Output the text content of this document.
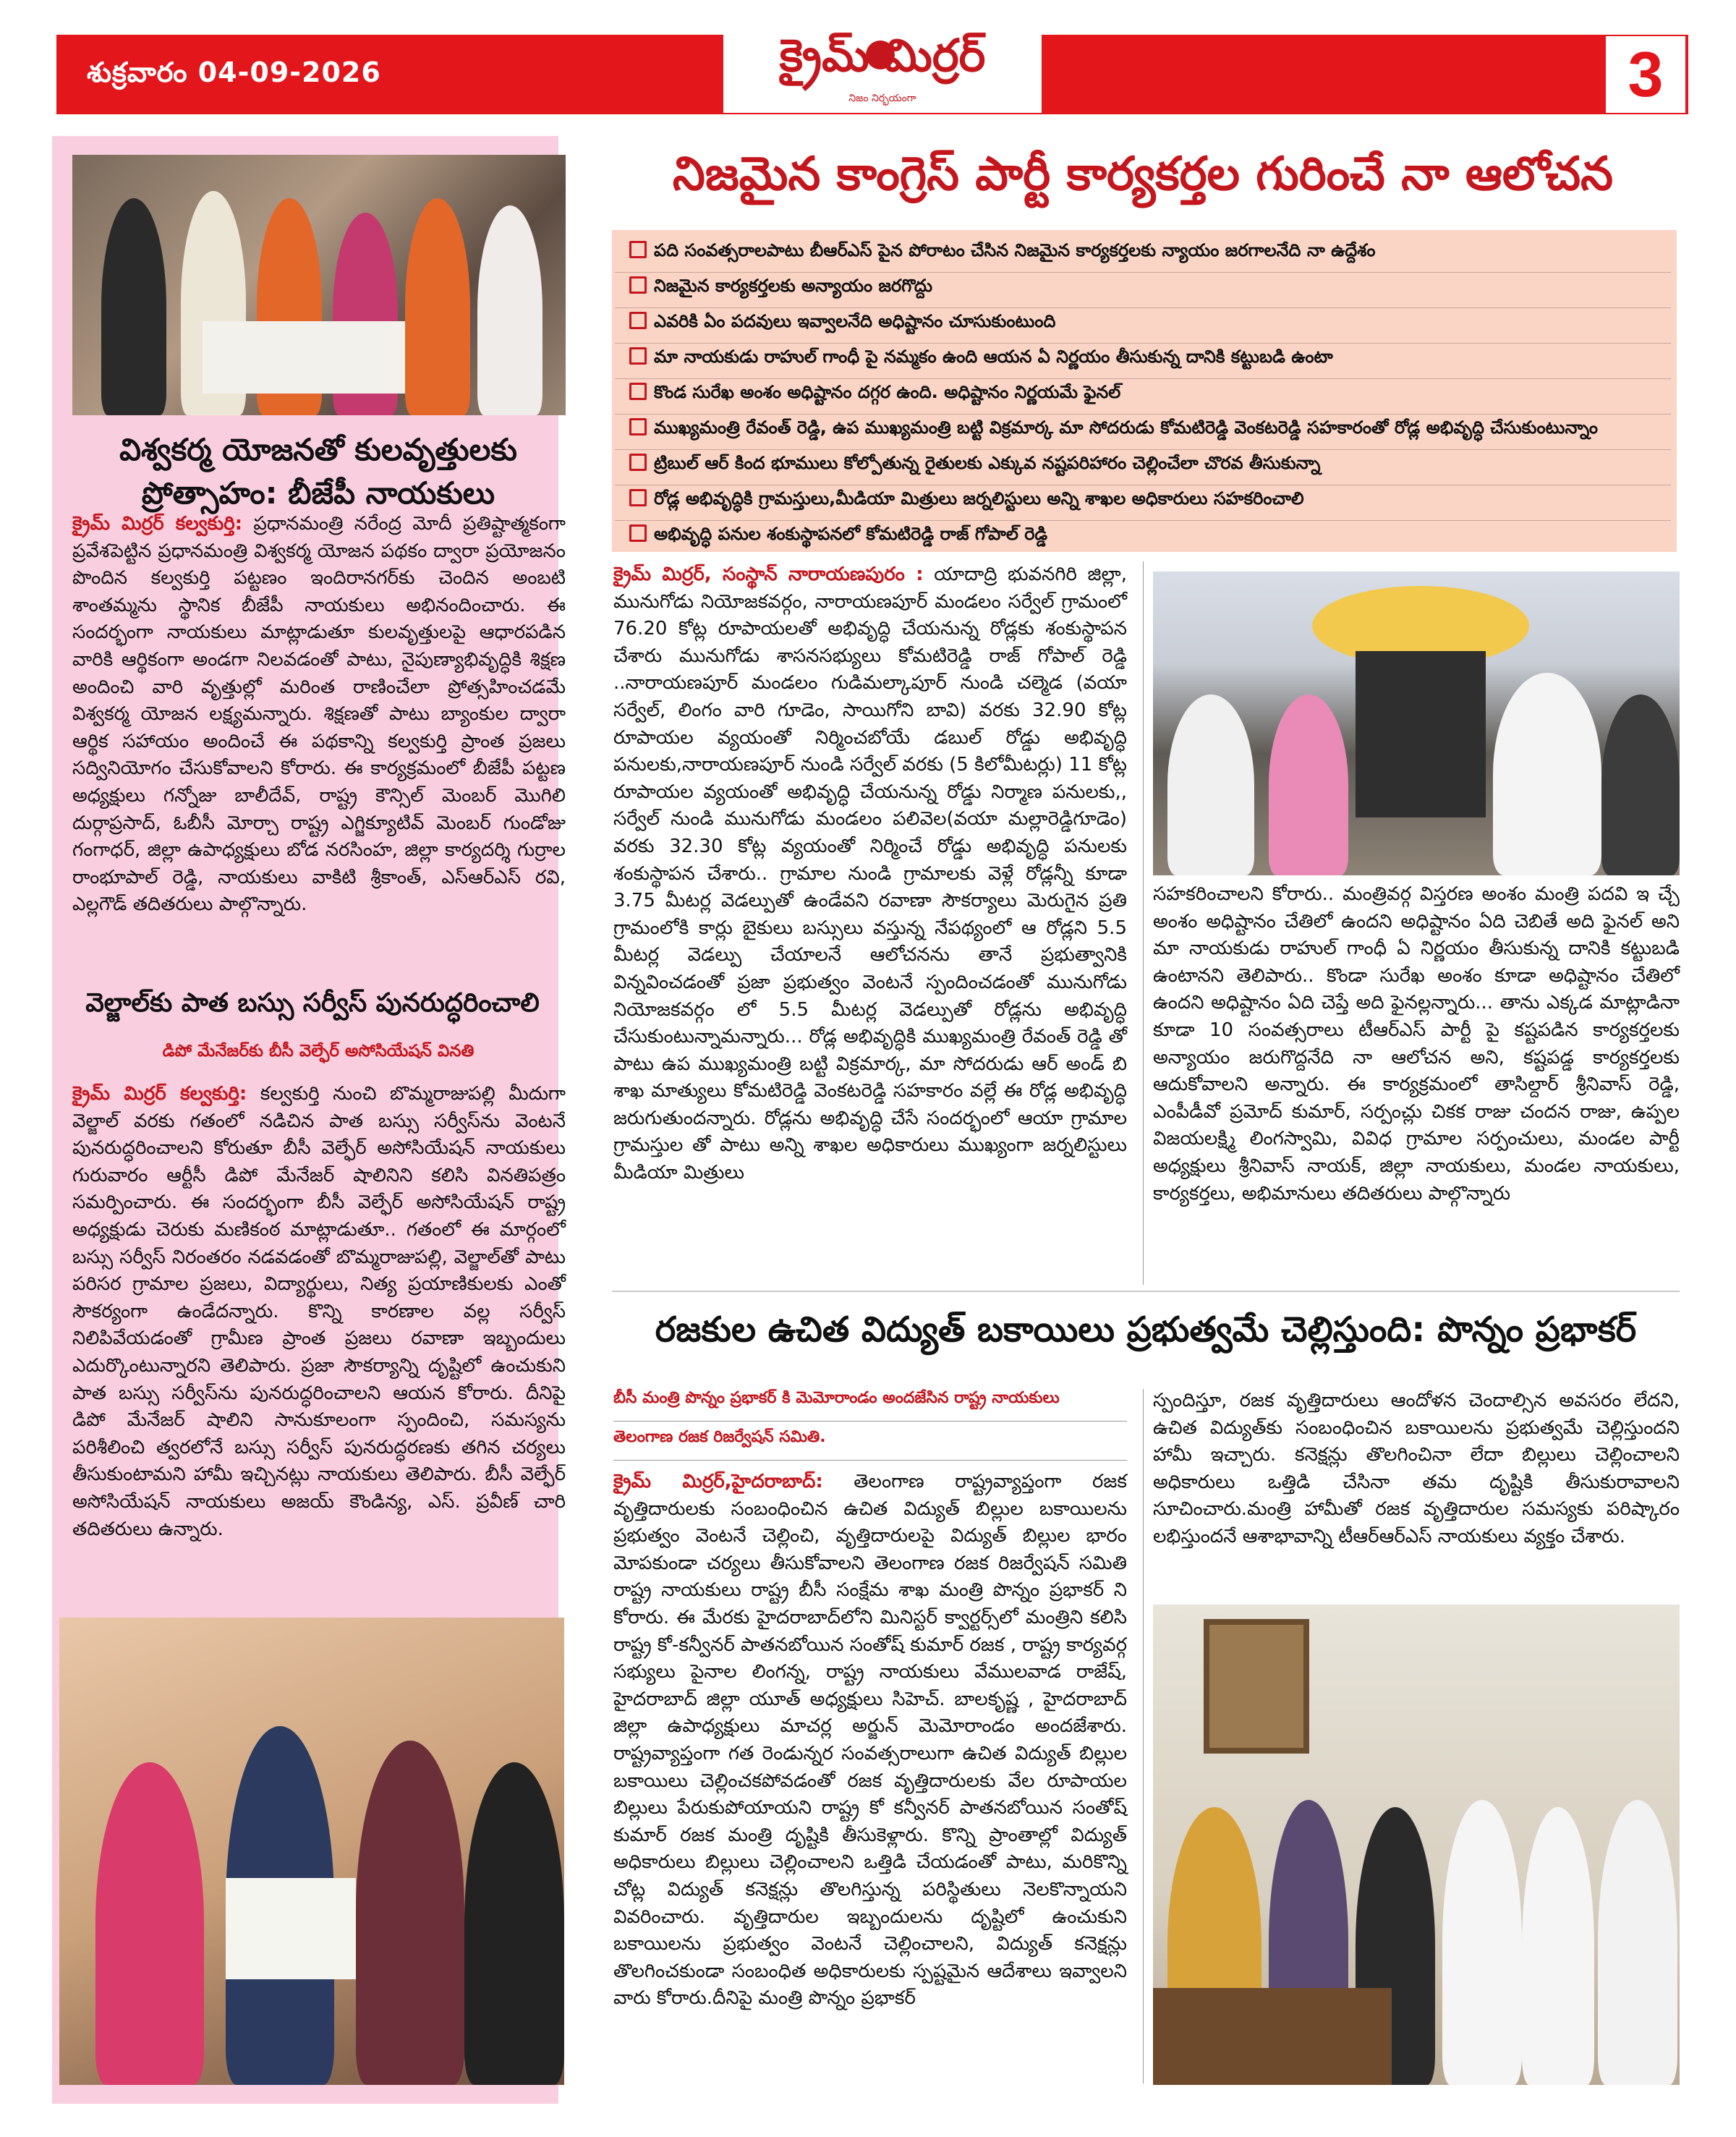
శుక్రవారం 04-09-2026	క్రైమ్ మిర్రర్
నిజం నిర్భయంగా	3
విశ్వకర్మ యోజనతో కులవృత్తులకు ప్రోత్సాహం: బీజేపీ నాయకులు
క్రైమ్ మిర్రర్ కల్వకుర్తి: ప్రధానమంత్రి నరేంద్ర మోదీ ప్రతిష్టాత్మకంగా ప్రవేశపెట్టిన ప్రధానమంత్రి విశ్వకర్మ యోజన పథకం ద్వారా ప్రయోజనం పొందిన కల్వకుర్తి పట్టణం ఇందిరానగర్‌కు చెందిన అంబటి శాంతమ్మను స్థానిక బీజేపీ నాయకులు అభినందించారు. ఈ సందర్భంగా నాయకులు మాట్లాడుతూ కులవృత్తులపై ఆధారపడిన వారికి ఆర్థికంగా అండగా నిలవడంతో పాటు, నైపుణ్యాభివృద్ధికి శిక్షణ అందించి వారి వృత్తుల్లో మరింత రాణించేలా ప్రోత్సహించడమే విశ్వకర్మ యోజన లక్ష్యమన్నారు. శిక్షణతో పాటు బ్యాంకుల ద్వారా ఆర్థిక సహాయం అందించే ఈ పథకాన్ని కల్వకుర్తి ప్రాంత ప్రజలు సద్వినియోగం చేసుకోవాలని కోరారు. ఈ కార్యక్రమంలో బీజేపీ పట్టణ అధ్యక్షులు గన్నోజు బాలీదేవ్, రాష్ట్ర కౌన్సిల్ మెంబర్ మొగిలి దుర్గాప్రసాద్, ఓబీసీ మోర్చా రాష్ట్ర ఎగ్జిక్యూటివ్ మెంబర్ గుండోజు గంగాధర్, జిల్లా ఉపాధ్యక్షులు బోడ నరసింహ, జిల్లా కార్యదర్శి గుర్రాల రాంభూపాల్ రెడ్డి, నాయకులు వాకిటి శ్రీకాంత్, ఎస్ఆర్ఎస్ రవి, ఎల్లగౌడ్ తదితరులు పాల్గొన్నారు.
వెల్జాల్‌కు పాత బస్సు సర్వీస్ పునరుద్ధరించాలి
డిపో మేనేజర్‌కు బీసీ వెల్ఫేర్ అసోసియేషన్ వినతి
క్రైమ్ మిర్రర్ కల్వకుర్తి: కల్వకుర్తి నుంచి బొమ్మరాజుపల్లి మీదుగా వెల్జాల్ వరకు గతంలో నడిచిన పాత బస్సు సర్వీస్‌ను వెంటనే పునరుద్ధరించాలని కోరుతూ బీసీ వెల్ఫేర్ అసోసియేషన్ నాయకులు గురువారం ఆర్టీసీ డిపో మేనేజర్ షాలినిని కలిసి వినతిపత్రం సమర్పించారు. ఈ సందర్భంగా బీసీ వెల్ఫేర్ అసోసియేషన్ రాష్ట్ర అధ్యక్షుడు చెరుకు మణికంఠ మాట్లాడుతూ.. గతంలో ఈ మార్గంలో బస్సు సర్వీస్ నిరంతరం నడవడంతో బొమ్మరాజుపల్లి, వెల్జాల్‌తో పాటు పరిసర గ్రామాల ప్రజలు, విద్యార్థులు, నిత్య ప్రయాణికులకు ఎంతో సౌకర్యంగా ఉండేదన్నారు. కొన్ని కారణాల వల్ల సర్వీస్ నిలిపివేయడంతో గ్రామీణ ప్రాంత ప్రజలు రవాణా ఇబ్బందులు ఎదుర్కొంటున్నారని తెలిపారు. ప్రజా సౌకర్యాన్ని దృష్టిలో ఉంచుకుని పాత బస్సు సర్వీస్‌ను పునరుద్ధరించాలని ఆయన కోరారు. దీనిపై డిపో మేనేజర్ షాలిని సానుకూలంగా స్పందించి, సమస్యను పరిశీలించి త్వరలోనే బస్సు సర్వీస్ పునరుద్ధరణకు తగిన చర్యలు తీసుకుంటామని హామీ ఇచ్చినట్లు నాయకులు తెలిపారు. బీసీ వెల్ఫేర్ అసోసియేషన్ నాయకులు అజయ్ కౌండిన్య, ఎస్. ప్రవీణ్ చారి తదితరులు ఉన్నారు.
నిజమైన కాంగ్రెస్ పార్టీ కార్యకర్తల గురించే నా ఆలోచన
పది సంవత్సరాలపాటు బీఆర్ఎస్ పైన పోరాటం చేసిన నిజమైన కార్యకర్తలకు న్యాయం జరగాలనేది నా ఉద్దేశం
నిజమైన కార్యకర్తలకు అన్యాయం జరగొద్దు
ఎవరికి ఏం పదవులు ఇవ్వాలనేది అధిష్టానం చూసుకుంటుంది
మా నాయకుడు రాహుల్ గాంధీ పై నమ్మకం ఉంది ఆయన ఏ నిర్ణయం తీసుకున్న దానికి కట్టుబడి ఉంటా
కొండ సురేఖ అంశం అధిష్టానం దగ్గర ఉంది. అధిష్టానం నిర్ణయమే ఫైనల్
ముఖ్యమంత్రి రేవంత్ రెడ్డి, ఉప ముఖ్యమంత్రి బట్టి విక్రమార్క మా సోదరుడు కోమటిరెడ్డి వెంకటరెడ్డి సహకారంతో రోడ్ల అభివృద్ధి చేసుకుంటున్నాం
ట్రిబుల్ ఆర్ కింద భూములు కోల్పోతున్న రైతులకు ఎక్కువ నష్టపరిహారం చెల్లించేలా చొరవ తీసుకున్నా
రోడ్ల అభివృద్ధికి గ్రామస్తులు,మీడియా మిత్రులు జర్నలిస్టులు అన్ని శాఖల అధికారులు సహకరించాలి
అభివృద్ధి పనుల శంకుస్థాపనలో కోమటిరెడ్డి రాజ్ గోపాల్ రెడ్డి
క్రైమ్ మిర్రర్, సంస్థాన్ నారాయణపురం : యాదాద్రి భువనగిరి జిల్లా, మునుగోడు నియోజకవర్గం, నారాయణపూర్ మండలం సర్వేల్ గ్రామంలో 76.20 కోట్ల రూపాయలతో అభివృద్ధి చేయనున్న రోడ్లకు శంకుస్థాపన చేశారు మునుగోడు శాసనసభ్యులు కోమటిరెడ్డి రాజ్ గోపాల్ రెడ్డి ..నారాయణపూర్ మండలం గుడిమల్కాపూర్ నుండి చల్మెడ (వయా సర్వేల్, లింగం వారి గూడెం, సాయిగోని బావి) వరకు 32.90 కోట్ల రూపాయల వ్యయంతో నిర్మించబోయే డబుల్ రోడ్డు అభివృద్ధి పనులకు,నారాయణపూర్ నుండి సర్వేల్ వరకు (5 కిలోమీటర్లు) 11 కోట్ల రూపాయల వ్యయంతో అభివృద్ధి చేయనున్న రోడ్డు నిర్మాణ పనులకు,, సర్వేల్ నుండి మునుగోడు మండలం పలివెల(వయా మల్లారెడ్డిగూడెం) వరకు 32.30 కోట్ల వ్యయంతో నిర్మించే రోడ్డు అభివృద్ధి పనులకు శంకుస్థాపన చేశారు.. గ్రామాల నుండి గ్రామాలకు వెళ్లే రోడ్లన్నీ కూడా 3.75 మీటర్ల వెడల్పుతో ఉండేవని రవాణా సౌకర్యాలు మెరుగైన ప్రతి గ్రామంలోకి కార్లు బైకులు బస్సులు వస్తున్న నేపథ్యంలో ఆ రోడ్లని 5.5 మీటర్ల వెడల్పు చేయాలనే ఆలోచనను తానే ప్రభుత్వానికి విన్నవించడంతో ప్రజా ప్రభుత్వం వెంటనే స్పందించడంతో మునుగోడు నియోజకవర్గం లో 5.5 మీటర్ల వెడల్పుతో రోడ్లను అభివృద్ధి చేసుకుంటున్నామన్నారు... రోడ్ల అభివృద్ధికి ముఖ్యమంత్రి రేవంత్ రెడ్డి తో పాటు ఉప ముఖ్యమంత్రి బట్టి విక్రమార్క, మా సోదరుడు ఆర్ అండ్ బి శాఖ మాత్యులు కోమటిరెడ్డి వెంకటరెడ్డి సహకారం వల్లే ఈ రోడ్ల అభివృద్ధి జరుగుతుందన్నారు. రోడ్లను అభివృద్ధి చేసే సందర్భంలో ఆయా గ్రామాల గ్రామస్తుల తో పాటు అన్ని శాఖల అధికారులు ముఖ్యంగా జర్నలిస్టులు మీడియా మిత్రులు
సహకరించాలని కోరారు.. మంత్రివర్గ విస్తరణ అంశం మంత్రి పదవి ఇ చ్చే అంశం అధిష్టానం చేతిలో ఉందని అధిష్టానం ఏది చెబితే అది ఫైనల్ అని మా నాయకుడు రాహుల్ గాంధీ ఏ నిర్ణయం తీసుకున్న దానికి కట్టుబడి ఉంటానని తెలిపారు.. కొండా సురేఖ అంశం కూడా అధిష్టానం చేతిలో ఉందని అధిష్టానం ఏది చెప్తే అది ఫైనల్లన్నారు... తాను ఎక్కడ మాట్లాడినా కూడా 10 సంవత్సరాలు టీఆర్ఎస్ పార్టీ పై కష్టపడిన కార్యకర్తలకు అన్యాయం జరుగొద్దనేది నా ఆలోచన అని, కష్టపడ్డ కార్యకర్తలకు ఆదుకోవాలని అన్నారు. ఈ కార్యక్రమంలో తాసిల్దార్ శ్రీనివాస్ రెడ్డి, ఎంపీడీవో ప్రమోద్ కుమార్, సర్పంచ్లు చికక రాజు చందన రాజు, ఉప్పల విజయలక్ష్మి లింగస్వామి, వివిధ గ్రామాల సర్పంచులు, మండల పార్టీ అధ్యక్షులు శ్రీనివాస్ నాయక్, జిల్లా నాయకులు, మండల నాయకులు, కార్యకర్తలు, అభిమానులు తదితరులు పాల్గొన్నారు
రజకుల ఉచిత విద్యుత్ బకాయిలు ప్రభుత్వమే చెల్లిస్తుంది: పొన్నం ప్రభాకర్
బీసీ మంత్రి పొన్నం ప్రభాకర్ కి మెమోరాండం అందజేసిన రాష్ట్ర నాయకులు
తెలంగాణ రజక రిజర్వేషన్ సమితి.
క్రైమ్ మిర్రర్,హైదరాబాద్: తెలంగాణ రాష్ట్రవ్యాప్తంగా రజక వృత్తిదారులకు సంబంధించిన ఉచిత విద్యుత్ బిల్లుల బకాయిలను ప్రభుత్వం వెంటనే చెల్లించి, వృత్తిదారులపై విద్యుత్ బిల్లుల భారం మోపకుండా చర్యలు తీసుకోవాలని తెలంగాణ రజక రిజర్వేషన్ సమితి రాష్ట్ర నాయకులు రాష్ట్ర బీసీ సంక్షేమ శాఖ మంత్రి పొన్నం ప్రభాకర్ ని కోరారు. ఈ మేరకు హైదరాబాద్‌లోని మినిస్టర్ క్వార్టర్స్‌లో మంత్రిని కలిసి రాష్ట్ర కో-కన్వీనర్ పాతనబోయిన సంతోష్ కుమార్ రజక , రాష్ట్ర కార్యవర్గ సభ్యులు పైనాల లింగన్న, రాష్ట్ర నాయకులు వేములవాడ రాజేష్, హైదరాబాద్ జిల్లా యూత్ అధ్యక్షులు సిహెచ్. బాలకృష్ణ , హైదరాబాద్ జిల్లా ఉపాధ్యక్షులు మాచర్ల అర్జున్ మెమోరాండం అందజేశారు. రాష్ట్రవ్యాప్తంగా గత రెండున్నర సంవత్సరాలుగా ఉచిత విద్యుత్ బిల్లుల బకాయిలు చెల్లించకపోవడంతో రజక వృత్తిదారులకు వేల రూపాయల బిల్లులు పేరుకుపోయాయని రాష్ట్ర కో కన్వీనర్ పాతనబోయిన సంతోష్ కుమార్ రజక మంత్రి దృష్టికి తీసుకెళ్లారు. కొన్ని ప్రాంతాల్లో విద్యుత్ అధికారులు బిల్లులు చెల్లించాలని ఒత్తిడి చేయడంతో పాటు, మరికొన్ని చోట్ల విద్యుత్ కనెక్షన్లు తొలగిస్తున్న పరిస్థితులు నెలకొన్నాయని వివరించారు. వృత్తిదారుల ఇబ్బందులను దృష్టిలో ఉంచుకుని బకాయిలను ప్రభుత్వం వెంటనే చెల్లించాలని, విద్యుత్ కనెక్షన్లు తొలగించకుండా సంబంధిత అధికారులకు స్పష్టమైన ఆదేశాలు ఇవ్వాలని వారు కోరారు.దీనిపై మంత్రి పొన్నం ప్రభాకర్
స్పందిస్తూ, రజక వృత్తిదారులు ఆందోళన చెందాల్సిన అవసరం లేదని, ఉచిత విద్యుత్‌కు సంబంధించిన బకాయిలను ప్రభుత్వమే చెల్లిస్తుందని హామీ ఇచ్చారు. కనెక్షన్లు తొలగించినా లేదా బిల్లులు చెల్లించాలని అధికారులు ఒత్తిడి చేసినా తమ దృష్టికి తీసుకురావాలని సూచించారు.మంత్రి హామీతో రజక వృత్తిదారుల సమస్యకు పరిష్కారం లభిస్తుందనే ఆశాభావాన్ని టీఆర్ఆర్ఎస్ నాయకులు వ్యక్తం చేశారు.
